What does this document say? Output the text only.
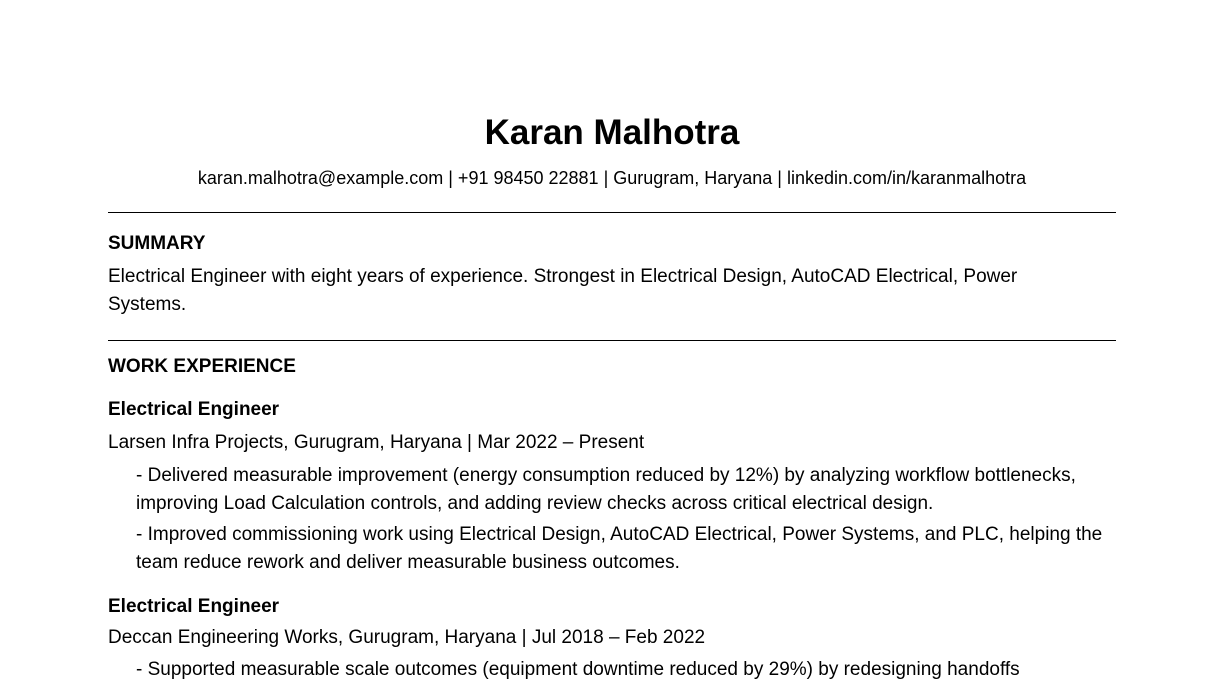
Karan Malhotra
karan.malhotra@example.com | +91 98450 22881 | Gurugram, Haryana | linkedin.com/in/karanmalhotra
SUMMARY
Electrical Engineer with eight years of experience. Strongest in Electrical Design, AutoCAD Electrical, Power Systems.
WORK EXPERIENCE
Electrical Engineer
Larsen Infra Projects, Gurugram, Haryana | Mar 2022 – Present
- Delivered measurable improvement (energy consumption reduced by 12%) by analyzing workflow bottlenecks, improving Load Calculation controls, and adding review checks across critical electrical design.
- Improved commissioning work using Electrical Design, AutoCAD Electrical, Power Systems, and PLC, helping the team reduce rework and deliver measurable business outcomes.
Electrical Engineer
Deccan Engineering Works, Gurugram, Haryana | Jul 2018 – Feb 2022
- Supported measurable scale outcomes (equipment downtime reduced by 29%) by redesigning handoffs
